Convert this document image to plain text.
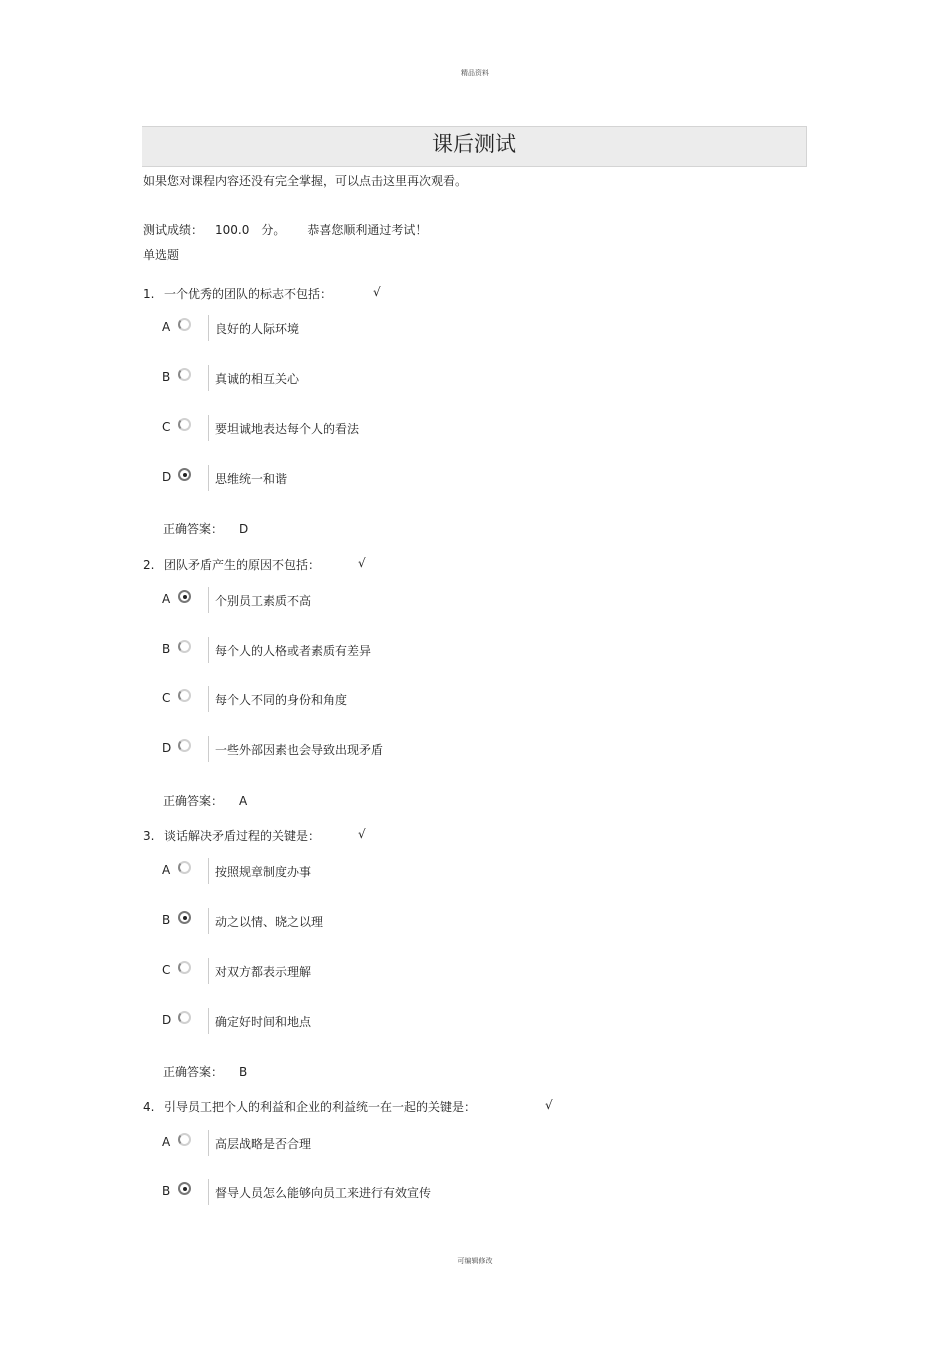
精品资料
课后测试
如果您对课程内容还没有完全掌握，可以点击这里再次观看。
测试成绩： 100.0 分。 恭喜您顺利通过考试！
单选题
1. 一个优秀的团队的标志不包括：	√
A	良好的人际环境
B	真诚的相互关心
C	要坦诚地表达每个人的看法
D	思维统一和谐
正确答案： D
2. 团队矛盾产生的原因不包括：	√
A	个别员工素质不高
B	每个人的人格或者素质有差异
C	每个人不同的身份和角度
D	一些外部因素也会导致出现矛盾
正确答案： A
3. 谈话解决矛盾过程的关键是：	√
A	按照规章制度办事
B	动之以情、晓之以理
C	对双方都表示理解
D	确定好时间和地点
正确答案： B
4. 引导员工把个人的利益和企业的利益统一在一起的关键是：	√
A	高层战略是否合理
B	督导人员怎么能够向员工来进行有效宣传
可编辑修改
